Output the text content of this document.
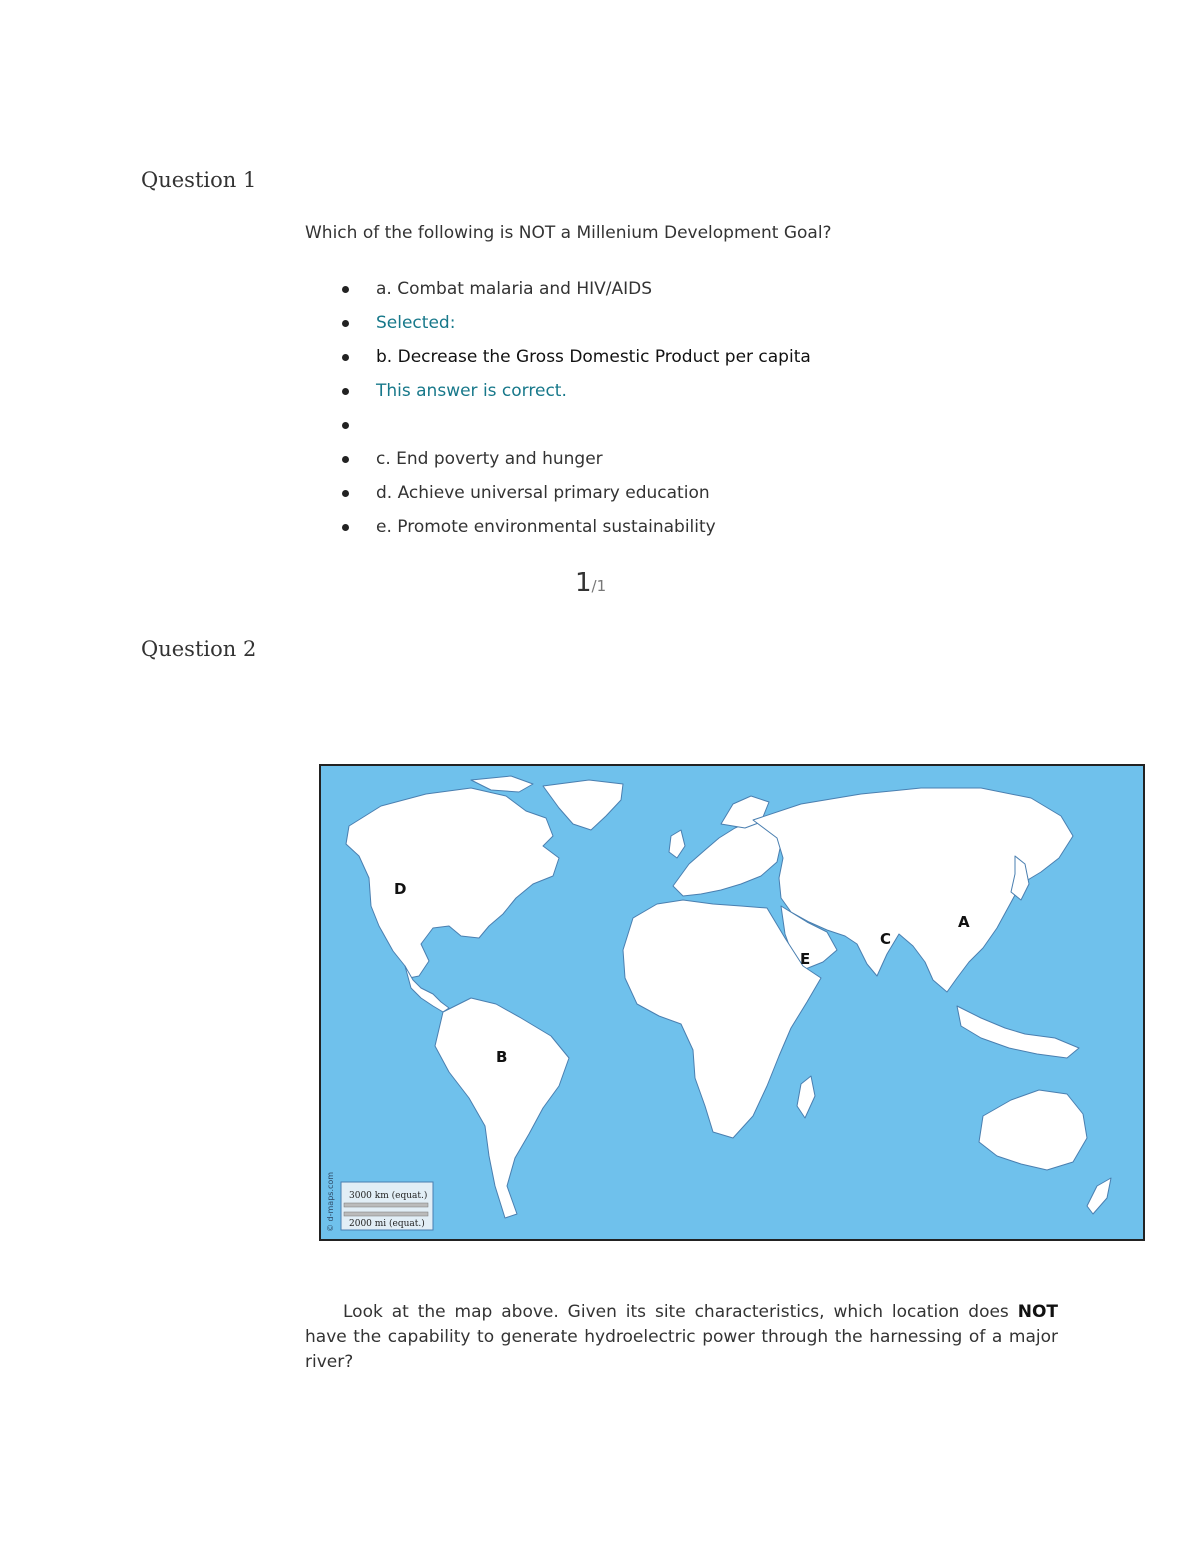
Question 1
Which of the following is NOT a Millenium Development Goal?
a. Combat malaria and HIV/AIDS
Selected:
b. Decrease the Gross Domestic Product per capita
This answer is correct.
c. End poverty and hunger
d. Achieve universal primary education
e. Promote environmental sustainability
1/1
Question 2
A
B
C
D
E
3000 km (equat.)
2000 mi (equat.)
© d-maps.com
Look at the map above. Given its site characteristics, which location does NOT have the capability to generate hydroelectric power through the harnessing of a major river?
